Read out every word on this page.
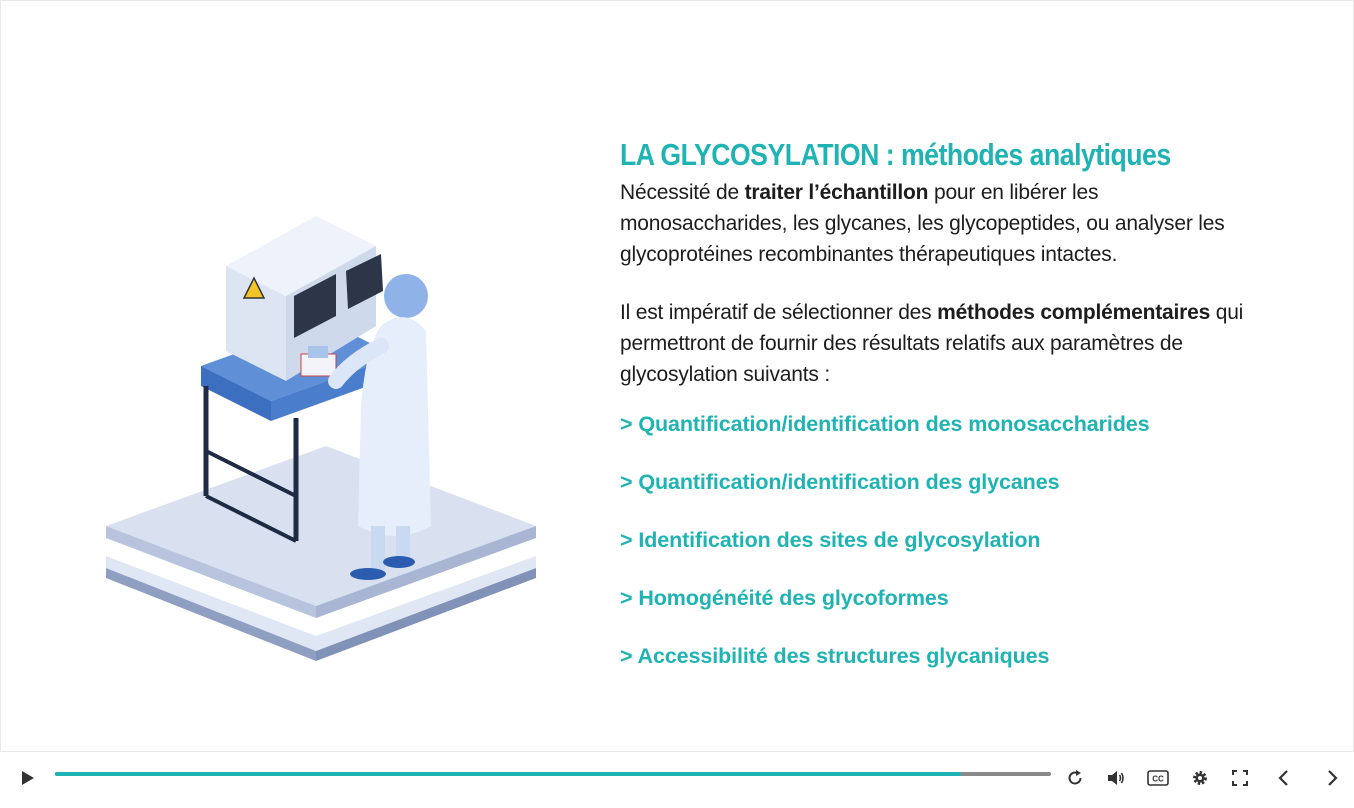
LA GLYCOSYLATION : méthodes analytiques

Nécessité de traiter l’échantillon pour en libérer les monosaccharides, les glycanes, les glycopeptides, ou analyser les glycoprotéines recombinantes thérapeutiques intactes.

Il est impératif de sélectionner des méthodes complémentaires qui permettront de fournir des résultats relatifs aux paramètres de glycosylation suivants :

> Quantification/identification des monosaccharides
> Quantification/identification des glycanes
> Identification des sites de glycosylation
> Homogénéité des glycoformes
> Accessibilité des structures glycaniques
CC
